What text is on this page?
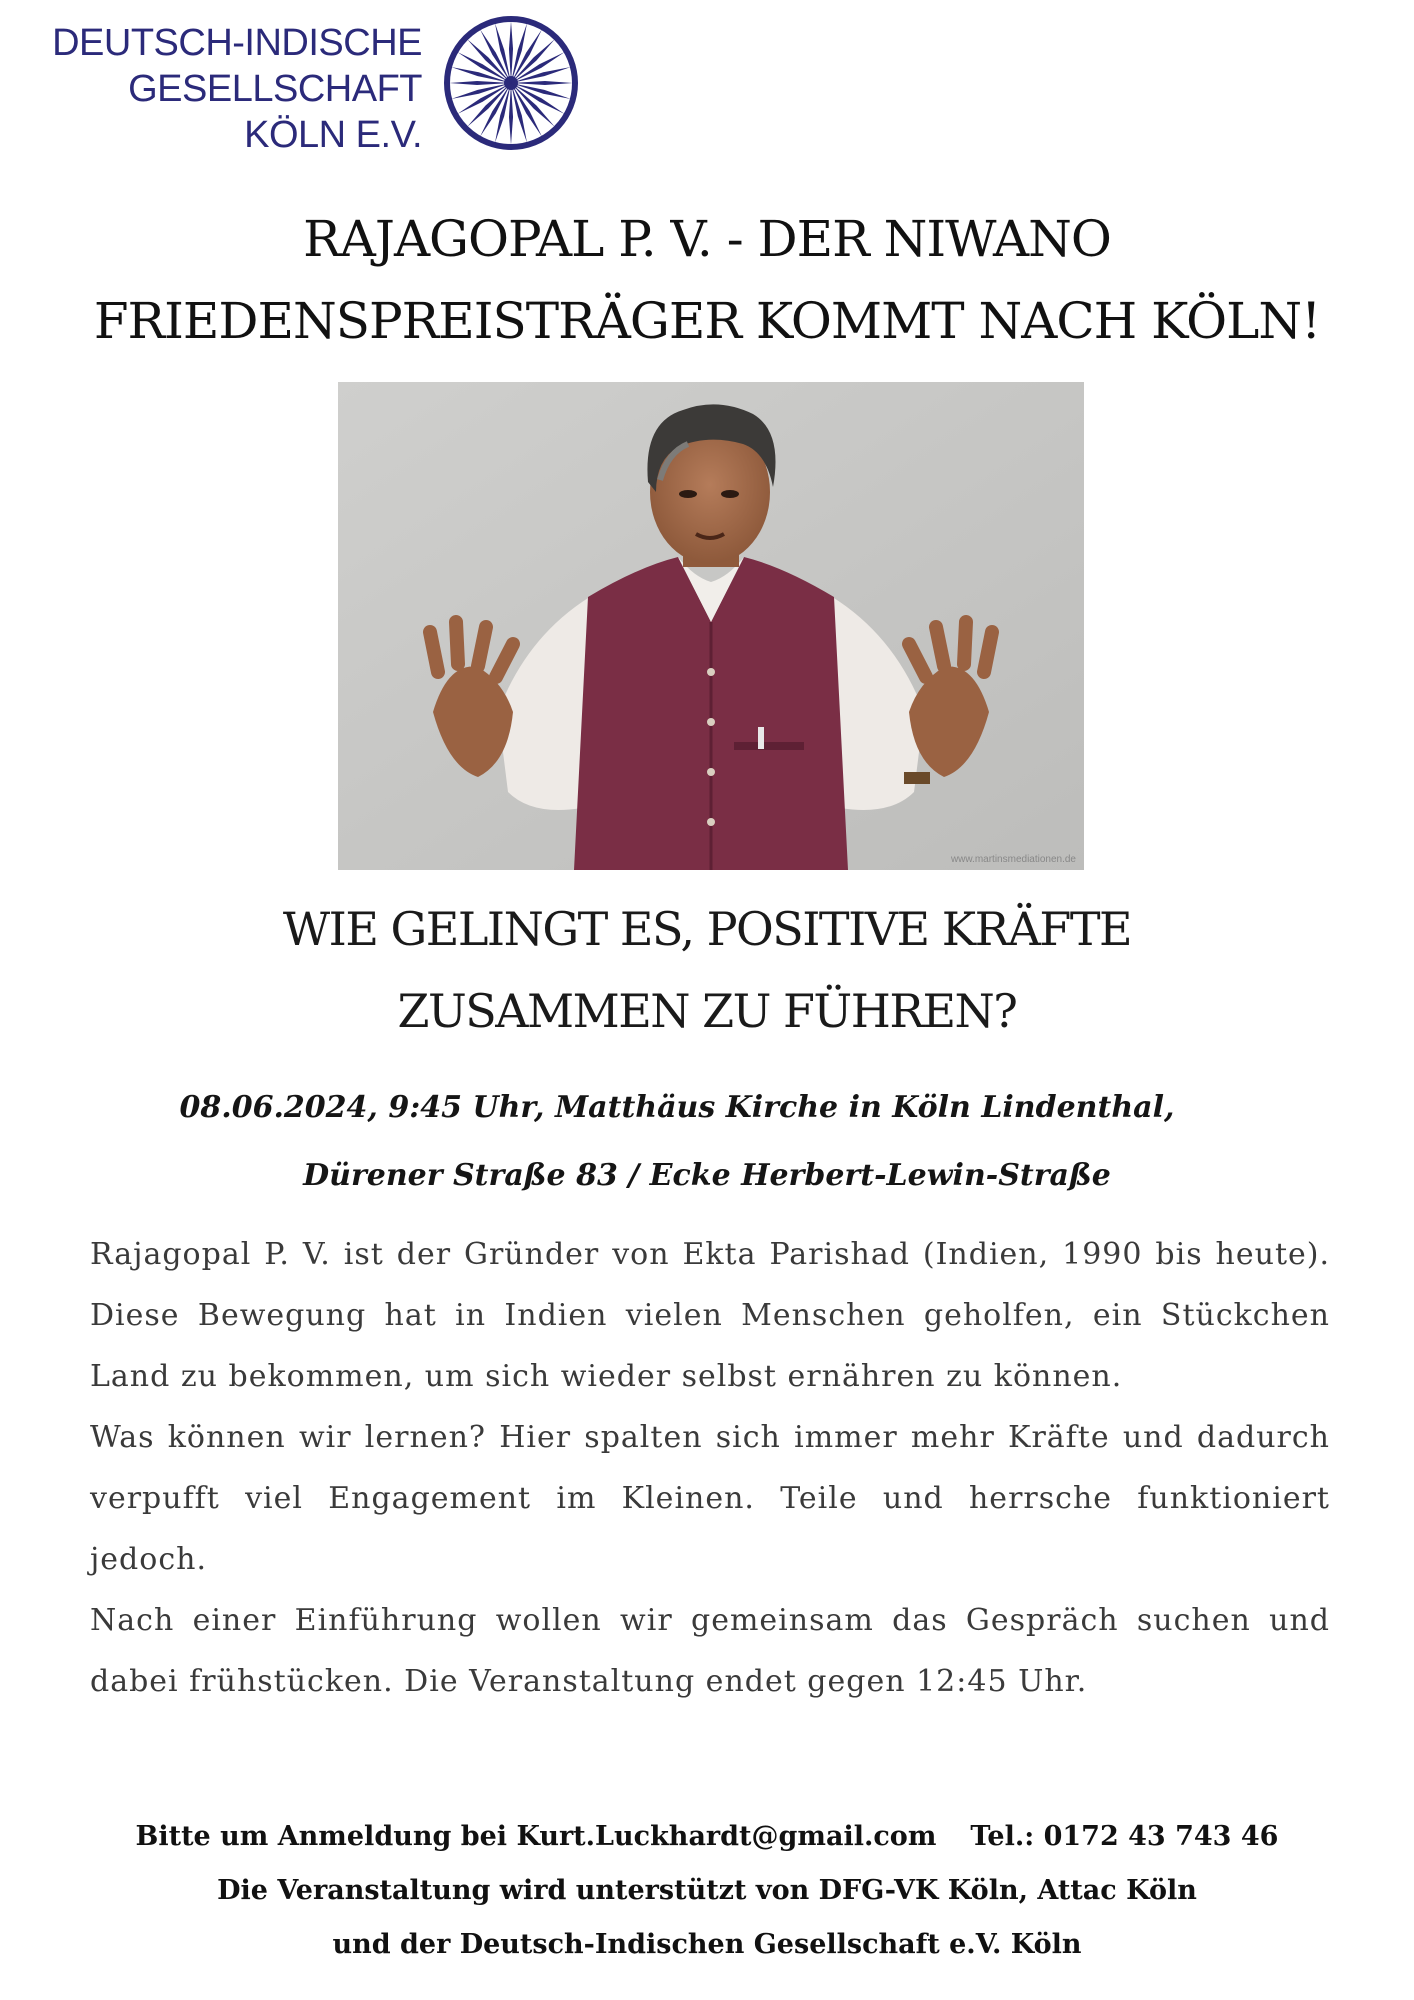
DEUTSCH-INDISCHE
GESELLSCHAFT
KÖLN E.V.
RAJAGOPAL P. V. - DER NIWANO
FRIEDENSPREISTRÄGER KOMMT NACH KÖLN!
www.martinsmediationen.de
WIE GELINGT ES, POSITIVE KRÄFTE
ZUSAMMEN ZU FÜHREN?
08.06.2024, 9:45 Uhr, Matthäus Kirche in Köln Lindenthal,
Dürener Straße 83 / Ecke Herbert-Lewin-Straße

Rajagopal P. V. ist der Gründer von Ekta Parishad (Indien, 1990 bis heute). Diese Bewegung hat in Indien vielen Menschen geholfen, ein Stückchen Land zu bekommen, um sich wieder selbst ernähren zu können.

Was können wir lernen? Hier spalten sich immer mehr Kräfte und dadurch verpufft viel Engagement im Kleinen. Teile und herrsche funktioniert jedoch.

Nach einer Einführung wollen wir gemeinsam das Gespräch suchen und dabei frühstücken. Die Veranstaltung endet gegen 12:45 Uhr.

Bitte um Anmeldung bei Kurt.Luckhardt@gmail.com Tel.: 0172 43 743 46
Die Veranstaltung wird unterstützt von DFG-VK Köln, Attac Köln
und der Deutsch-Indischen Gesellschaft e.V. Köln
